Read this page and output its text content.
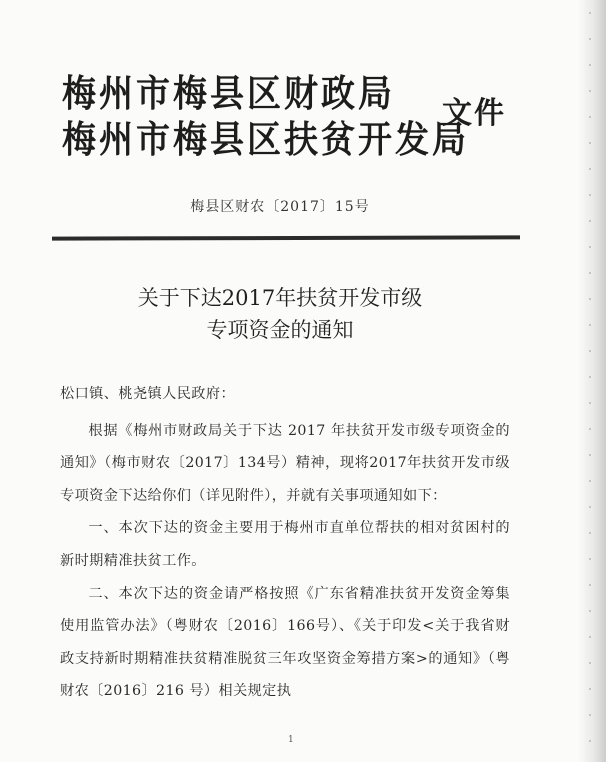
梅州市梅县区财政局
梅州市梅县区扶贫开发局
文件
梅县区财农〔2017〕15号
关于下达2017年扶贫开发市级
专项资金的通知

松口镇、桃尧镇人民政府：

根据《梅州市财政局关于下达 2017 年扶贫开发市级专项资金的通知》（梅市财农〔2017〕134号）精神，现将2017年扶贫开发市级专项资金下达给你们（详见附件），并就有关事项通知如下：

一、本次下达的资金主要用于梅州市直单位帮扶的相对贫困村的新时期精准扶贫工作。

二、本次下达的资金请严格按照《广东省精准扶贫开发资金筹集使用监管办法》（粤财农〔2016〕166号）、《关于印发<关于我省财政支持新时期精准扶贫精准脱贫三年攻坚资金筹措方案>的通知》（粤财农〔2016〕216 号）相关规定执

1
